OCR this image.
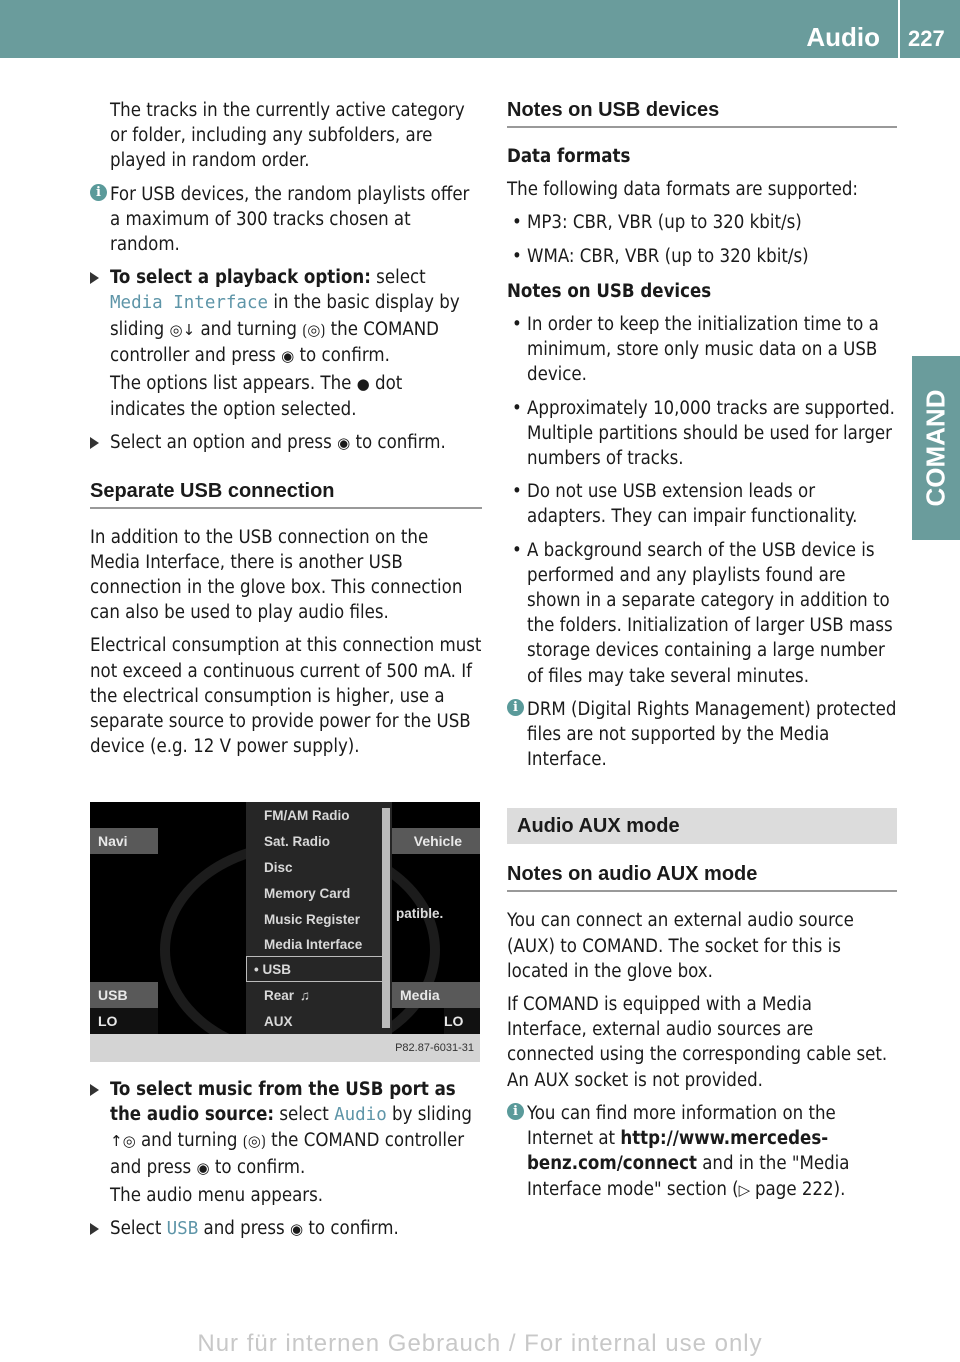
Audio 227
COMAND

The tracks in the currently active category or folder, including any subfolders, are played in random order.

i For USB devices, the random playlists offer a maximum of 300 tracks chosen at random.

To select a playback option: select Media Interface in the basic display by sliding ◎↓ and turning ⟮◎⟯ the COMAND controller and press ◉ to confirm.
The options list appears. The ● dot indicates the option selected.
Select an option and press ◉ to confirm.
Separate USB connection

In addition to the USB connection on the Media Interface, there is another USB connection in the glove box. This connection can also be used to play audio files.

Electrical consumption at this connection must not exceed a continuous current of 500 mA. If the electrical consumption is higher, use a separate source to provide power for the USB device (e.g. 12 V power supply).

Navi	Vehicle
patible.
USB	Media
LO	LO
FM/AM Radio
Sat. Radio
Disc
Memory Card
Music Register
Media Interface
• USB
Rear  ♫
AUX
P82.87-6031-31
To select music from the USB port as the audio source: select Audio by sliding ↑◎ and turning ⟮◎⟯ the COMAND controller and press ◉ to confirm.
The audio menu appears.
Select USB and press ◉ to confirm.
Notes on USB devices

Data formats

The following data formats are supported:

• MP3: CBR, VBR (up to 320 kbit/s)

• WMA: CBR, VBR (up to 320 kbit/s)

Notes on USB devices

• In order to keep the initialization time to a minimum, store only music data on a USB device.

• Approximately 10,000 tracks are supported. Multiple partitions should be used for larger numbers of tracks.

• Do not use USB extension leads or adapters. They can impair functionality.

• A background search of the USB device is performed and any playlists found are shown in a separate category in addition to the folders. Initialization of larger USB mass storage devices containing a large number of files may take several minutes.

i DRM (Digital Rights Management) protected files are not supported by the Media Interface.

Audio AUX mode
Notes on audio AUX mode

You can connect an external audio source (AUX) to COMAND. The socket for this is located in the glove box.

If COMAND is equipped with a Media Interface, external audio sources are connected using the corresponding cable set. An AUX socket is not provided.

i You can find more information on the Internet at http://www.mercedes-benz.com/connect and in the "Media Interface mode" section (▷ page 222).

Nur für internen Gebrauch / For internal use only
